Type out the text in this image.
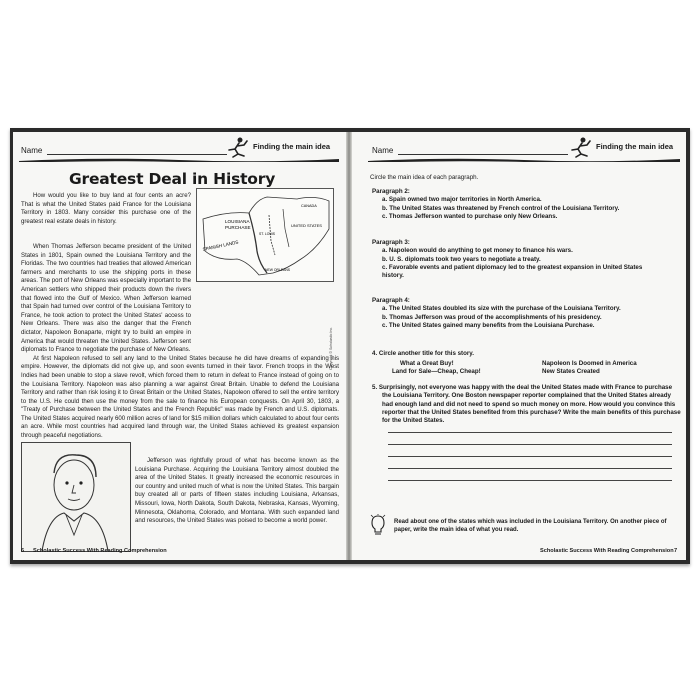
Name	Finding the main idea
Greatest Deal in History
CANADA
LOUISIANA
PURCHASE	UNITED STATES
SPANISH LANDS
ST. LOUIS
NEW ORLEANS

How would you like to buy land at four cents an acre? That is what the United States paid France for the Louisiana Territory in 1803. Many consider this purchase one of the greatest real estate deals in history.

When Thomas Jefferson became president of the United States in 1801, Spain owned the Louisiana Territory and the Floridas. The two countries had treaties that allowed American farmers and merchants to use the shipping ports in these areas. The port of New Orleans was especially important to the American settlers who shipped their products down the rivers that flowed into the Gulf of Mexico. When Jefferson learned that Spain had turned over control of the Louisiana Territory to France, he took action to protect the United States' access to New Orleans. There was also the danger that the French dictator, Napoleon Bonaparte, might try to build an empire in America that would threaten the United States. Jefferson sent diplomats to France to negotiate the purchase of New Orleans.

At first Napoleon refused to sell any land to the United States because he did have dreams of expanding his empire. However, the diplomats did not give up, and soon events turned in their favor. French troops in the West Indies had been unable to stop a slave revolt, which forced them to return in defeat to France instead of going on to the Louisiana Territory. Napoleon was also planning a war against Great Britain. Unable to defend the Louisiana Territory and rather than risk losing it to Great Britain or the United States, Napoleon offered to sell the entire territory to the U.S. He could then use the money from the sale to finance his European conquests. On April 30, 1803, a "Treaty of Purchase between the United States and the French Republic" was made by French and U.S. diplomats. The United States acquired nearly 600 million acres of land for $15 million dollars which calculated to about four cents an acre. While most countries had acquired land through war, the United States achieved its greatest expansion through peaceful negotiations.

Jefferson was rightfully proud of what has become known as the Louisiana Purchase. Acquiring the Louisiana Territory almost doubled the area of the United States. It greatly increased the economic resources in our country and united much of what is now the United States. This bargain buy created all or parts of fifteen states including Louisiana, Arkansas, Missouri, Iowa, North Dakota, South Dakota, Nebraska, Kansas, Wyoming, Minnesota, Oklahoma, Colorado, and Montana. With such expanded land and resources, the United States was poised to become a world power.

6 Scholastic Success With Reading Comprehension
Copyright © Scholastic Inc.
Name	Finding the main idea
Circle the main idea of each paragraph.
Paragraph 2:
a. Spain owned two major territories in North America.
b. The United States was threatened by French control of the Louisiana Territory.
c. Thomas Jefferson wanted to purchase only New Orleans.
Paragraph 3:
a. Napoleon would do anything to get money to finance his wars.
b. U. S. diplomats took two years to negotiate a treaty.
c. Favorable events and patient diplomacy led to the greatest expansion in United States history.
Paragraph 4:
a. The United States doubled its size with the purchase of the Louisiana Territory.
b. Thomas Jefferson was proud of the accomplishments of his presidency.
c. The United States gained many benefits from the Louisiana Purchase.
4. Circle another title for this story.
What a Great Buy!	Napoleon Is Doomed in America
Land for Sale—Cheap, Cheap!	New States Created
5. Surprisingly, not everyone was happy with the deal the United States made with France to purchase the Louisiana Territory. One Boston newspaper reporter complained that the United States already had enough land and did not need to spend so much money on more. How would you convince this reporter that the United States benefited from this purchase? Write the main benefits of this purchase for the United States.
Read about one of the states which was included in the Louisiana Territory. On another piece of paper, write the main idea of what you read.
Scholastic Success With Reading Comprehension 7
